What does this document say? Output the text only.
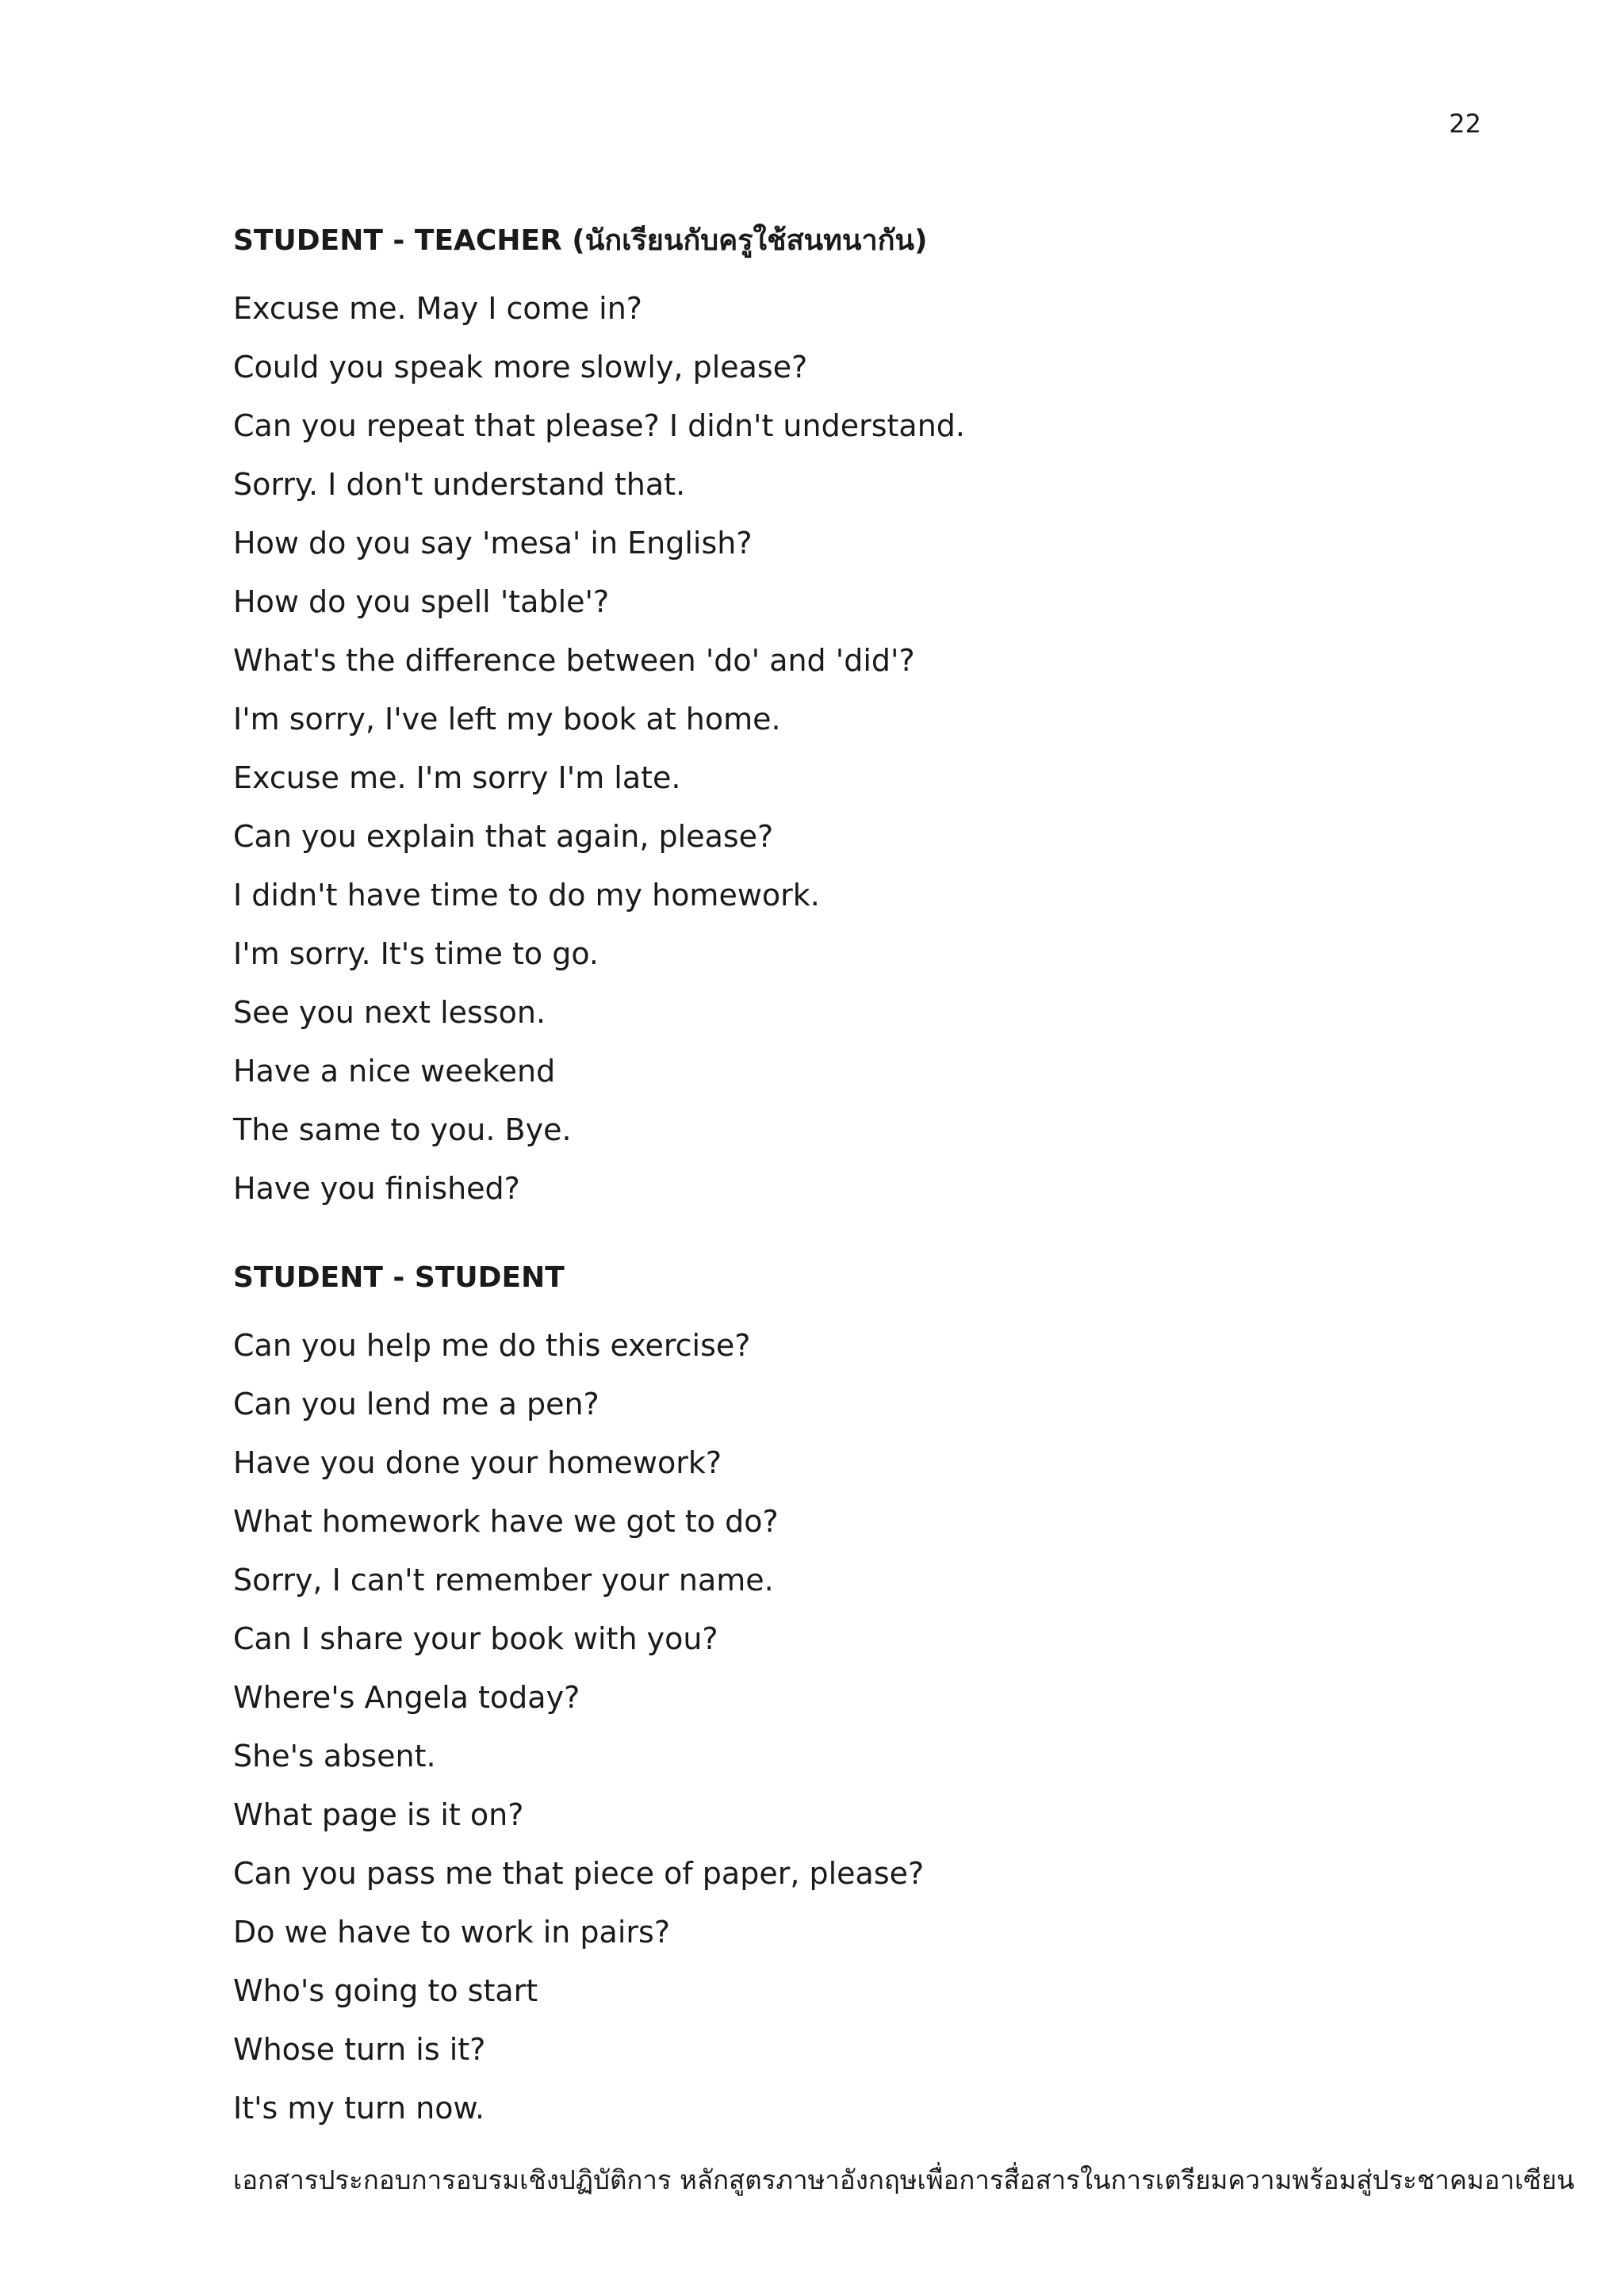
22
STUDENT - TEACHER (นักเรียนกับครูใช้สนทนากัน)
Excuse me. May I come in?
Could you speak more slowly, please?
Can you repeat that please? I didn't understand.
Sorry. I don't understand that.
How do you say 'mesa' in English?
How do you spell 'table'?
What's the difference between 'do' and 'did'?
I'm sorry, I've left my book at home.
Excuse me. I'm sorry I'm late.
Can you explain that again, please?
I didn't have time to do my homework.
I'm sorry. It's time to go.
See you next lesson.
Have a nice weekend
The same to you. Bye.
Have you finished?
STUDENT - STUDENT
Can you help me do this exercise?
Can you lend me a pen?
Have you done your homework?
What homework have we got to do?
Sorry, I can't remember your name.
Can I share your book with you?
Where's Angela today?
She's absent.
What page is it on?
Can you pass me that piece of paper, please?
Do we have to work in pairs?
Who's going to start
Whose turn is it?
It's my turn now.
เอกสารประกอบการอบรมเชิงปฏิบัติการ หลักสูตรภาษาอังกฤษเพื่อการสื่อสารในการเตรียมความพร้อมสู่ประชาคมอาเซียน
